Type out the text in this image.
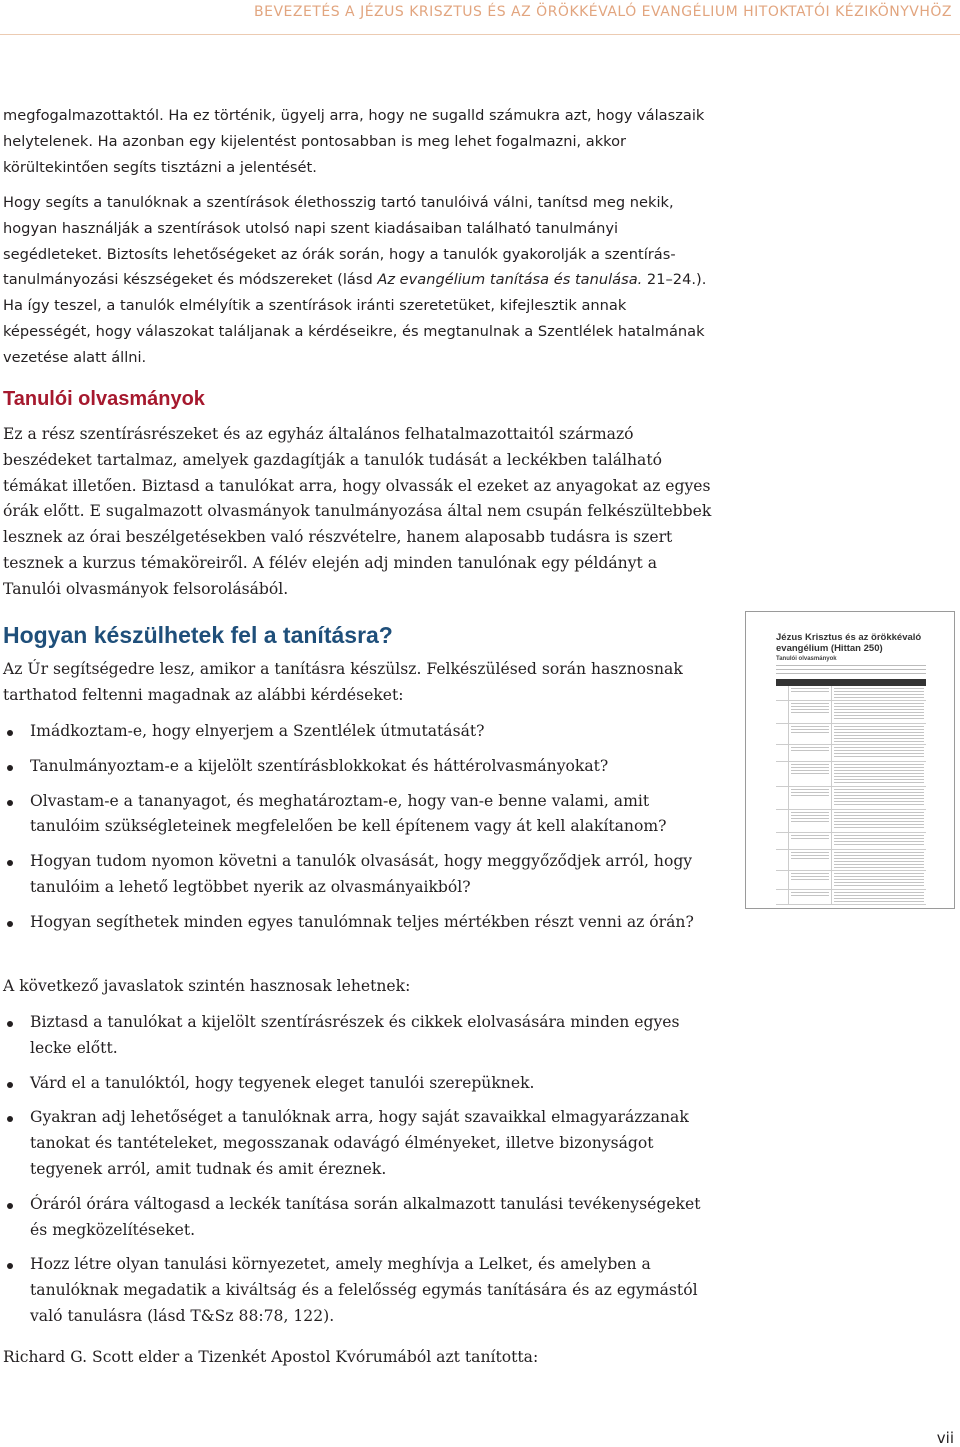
BEVEZETÉS A JÉZUS KRISZTUS ÉS AZ ÖRÖKKÉVALÓ EVANGÉLIUM HITOKTATÓI KÉZIKÖNYVHÖZ

megfogalmazottaktól. Ha ez történik, ügyelj arra, hogy ne sugalld számukra azt, hogy válaszaik helytelenek. Ha azonban egy kijelentést pontosabban is meg lehet fogalmazni, akkor körültekintően segíts tisztázni a jelentését.

Hogy segíts a tanulóknak a szentírások élethosszig tartó tanulóivá válni, tanítsd meg nekik, hogyan használják a szentírások utolsó napi szent kiadásaiban található tanulmányi segédleteket. Biztosíts lehetőségeket az órák során, hogy a tanulók gyakorolják a szentírás-tanulmányozási készségeket és módszereket (lásd Az evangélium tanítása és tanulása. 21–24.). Ha így teszel, a tanulók elmélyítik a szentírások iránti szeretetüket, kifejlesztik annak képességét, hogy válaszokat találjanak a kérdéseikre, és megtanulnak a Szentlélek hatalmának vezetése alatt állni.

Tanulói olvasmányok

Ez a rész szentírásrészeket és az egyház általános felhatalmazottaitól származó beszédeket tartalmaz, amelyek gazdagítják a tanulók tudását a leckékben található témákat illetően. Biztasd a tanulókat arra, hogy olvassák el ezeket az anyagokat az egyes órák előtt. E sugalmazott olvasmányok tanulmányozása által nem csupán felkészültebbek lesznek az órai beszélgetésekben való részvételre, hanem alaposabb tudásra is szert tesznek a kurzus témaköreiről. A félév elején adj minden tanulónak egy példányt a Tanulói olvasmányok felsorolásából.

Hogyan készülhetek fel a tanításra?

Az Úr segítségedre lesz, amikor a tanításra készülsz. Felkészülésed során hasznosnak tarthatod feltenni magadnak az alábbi kérdéseket:

Imádkoztam-e, hogy elnyerjem a Szentlélek útmutatását?
Tanulmányoztam-e a kijelölt szentírásblokkokat és háttérolvasmányokat?
Olvastam-e a tananyagot, és meghatároztam-e, hogy van-e benne valami, amit tanulóim szükségleteinek megfelelően be kell építenem vagy át kell alakítanom?
Hogyan tudom nyomon követni a tanulók olvasását, hogy meggyőződjek arról, hogy tanulóim a lehető legtöbbet nyerik az olvasmányaikból?
Hogyan segíthetek minden egyes tanulómnak teljes mértékben részt venni az órán?

A következő javaslatok szintén hasznosak lehetnek:

Biztasd a tanulókat a kijelölt szentírásrészek és cikkek elolvasására minden egyes lecke előtt.
Várd el a tanulóktól, hogy tegyenek eleget tanulói szerepüknek.
Gyakran adj lehetőséget a tanulóknak arra, hogy saját szavaikkal elmagyarázzanak tanokat és tantételeket, megosszanak odavágó élményeket, illetve bizonyságot tegyenek arról, amit tudnak és amit éreznek.
Óráról órára váltogasd a leckék tanítása során alkalmazott tanulási tevékenységeket és megközelítéseket.
Hozz létre olyan tanulási környezetet, amely meghívja a Lelket, és amelyben a tanulóknak megadatik a kiváltság és a felelősség egymás tanítására és az egymástól való tanulásra (lásd T&Sz 88:78, 122).

Richard G. Scott elder a Tizenkét Apostol Kvórumából azt tanította:

Jézus Krisztus és az örökkévaló evangélium (Hittan 250)
Tanulói olvasmányok
vii
